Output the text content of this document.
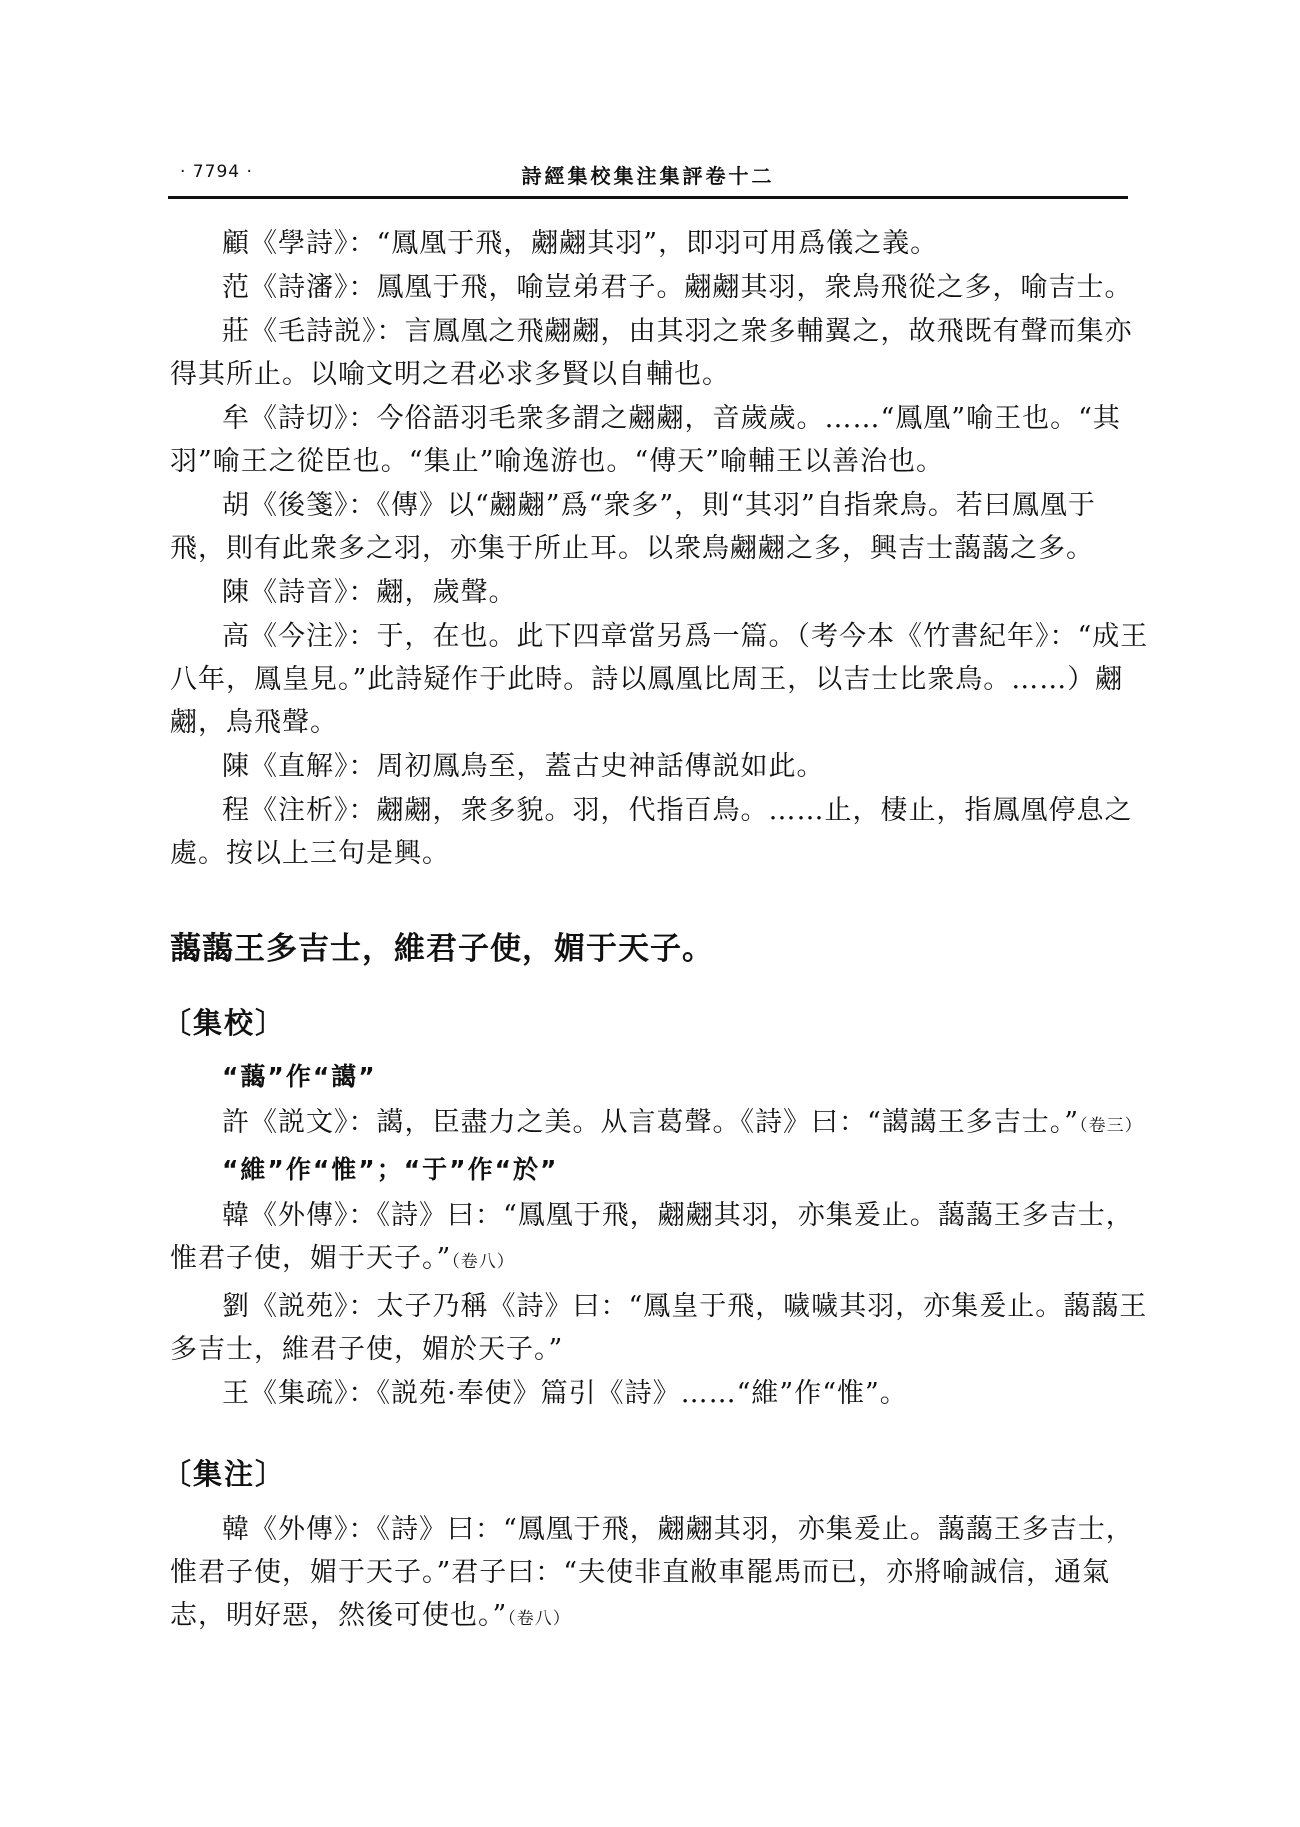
· 7794 ·	詩經集校集注集評卷十二

顧《學詩》：“鳳凰于飛，翽翽其羽”，即羽可用爲儀之義。

范《詩瀋》：鳳凰于飛，喻豈弟君子。翽翽其羽，衆鳥飛從之多，喻吉士。

莊《毛詩説》：言鳳凰之飛翽翽，由其羽之衆多輔翼之，故飛既有聲而集亦得其所止。以喻文明之君必求多賢以自輔也。

牟《詩切》：今俗語羽毛衆多謂之翽翽，音歲歲。……“鳳凰”喻王也。“其羽”喻王之從臣也。“集止”喻逸游也。“傅天”喻輔王以善治也。

胡《後箋》：《傳》以“翽翽”爲“衆多”，則“其羽”自指衆鳥。若曰鳳凰于飛，則有此衆多之羽，亦集于所止耳。以衆鳥翽翽之多，興吉士藹藹之多。

陳《詩音》：翽，歲聲。

高《今注》：于，在也。此下四章當另爲一篇。（考今本《竹書紀年》：“成王八年，鳳皇見。”此詩疑作于此時。詩以鳳凰比周王，以吉士比衆鳥。……）翽翽，鳥飛聲。

陳《直解》：周初鳳鳥至，蓋古史神話傳説如此。

程《注析》：翽翽，衆多貌。羽，代指百鳥。……止，棲止，指鳳凰停息之處。按以上三句是興。

藹藹王多吉士，維君子使，媚于天子。
〔集校〕
“藹”作“譪”

許《説文》：譪，臣盡力之美。从言葛聲。《詩》曰：“譪譪王多吉士。”（卷三）

“維”作“惟”；“于”作“於”

韓《外傳》：《詩》曰：“鳳凰于飛，翽翽其羽，亦集爰止。藹藹王多吉士，惟君子使，媚于天子。”（卷八）

劉《説苑》：太子乃稱《詩》曰：“鳳皇于飛，噦噦其羽，亦集爰止。藹藹王多吉士，維君子使，媚於天子。”

王《集疏》：《説苑·奉使》篇引《詩》……“維”作“惟”。

〔集注〕

韓《外傳》：《詩》曰：“鳳凰于飛，翽翽其羽，亦集爰止。藹藹王多吉士，惟君子使，媚于天子。”君子曰：“夫使非直敝車罷馬而已，亦將喻誠信，通氣志，明好惡，然後可使也。”（卷八）
